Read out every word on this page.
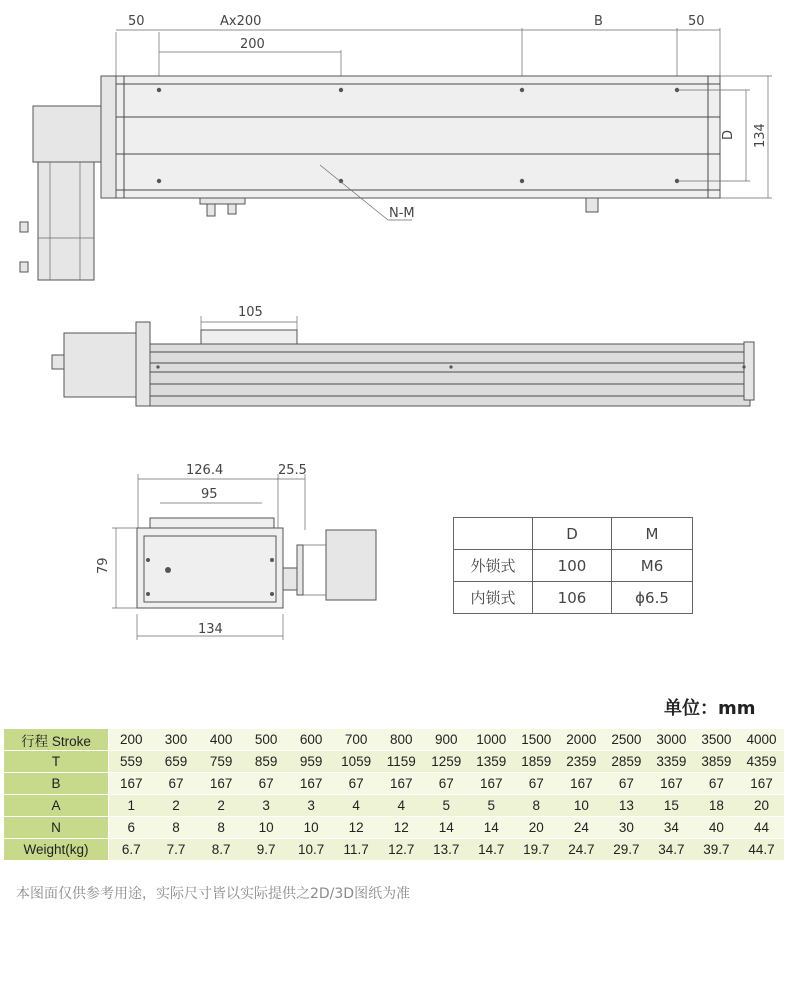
50	Ax200
200
B	50
N-M
D 134
105
126.4	25.5
95
79
134
	D	M
外锁式	100	M6
内锁式	106	ϕ6.5
单位：mm
行程 Stroke	200	300	400	500	600	700	800	900	1000	1500	2000	2500	3000	3500	4000
T	559	659	759	859	959	1059	1159	1259	1359	1859	2359	2859	3359	3859	4359
B	167	67	167	67	167	67	167	67	167	67	167	67	167	67	167
A	1	2	2	3	3	4	4	5	5	8	10	13	15	18	20
N	6	8	8	10	10	12	12	14	14	20	24	30	34	40	44
Weight(kg)	6.7	7.7	8.7	9.7	10.7	11.7	12.7	13.7	14.7	19.7	24.7	29.7	34.7	39.7	44.7
本图面仅供参考用途，实际尺寸皆以实际提供之2D/3D图纸为准
